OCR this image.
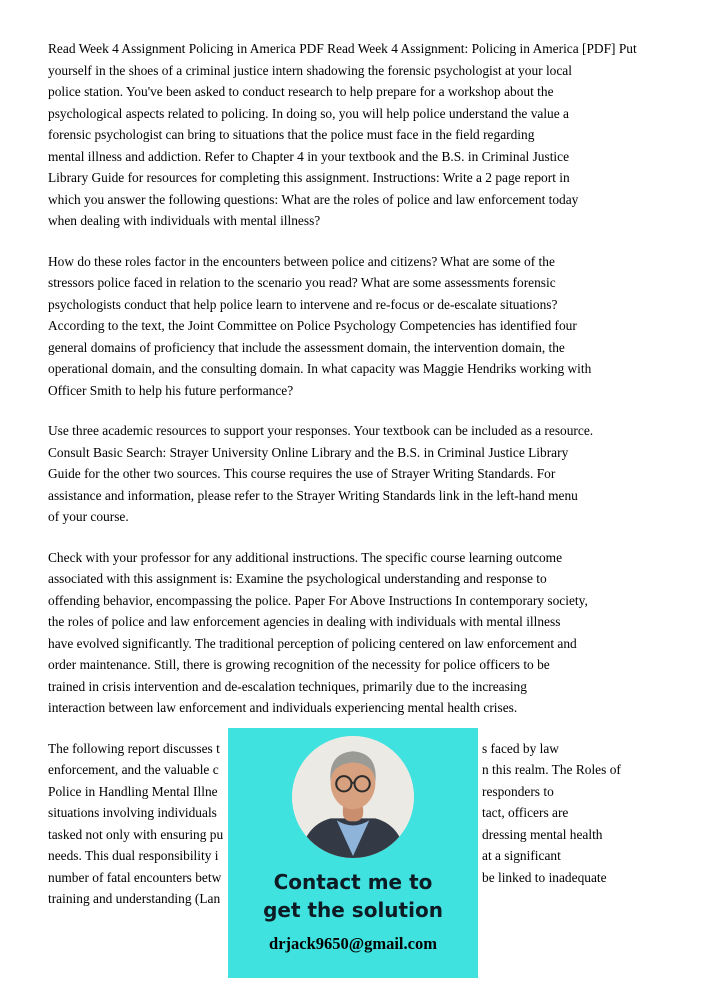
Read Week 4 Assignment Policing in America PDF Read Week 4 Assignment: Policing in America [PDF] Put
yourself in the shoes of a criminal justice intern shadowing the forensic psychologist at your local
police station. You've been asked to conduct research to help prepare for a workshop about the
psychological aspects related to policing. In doing so, you will help police understand the value a
forensic psychologist can bring to situations that the police must face in the field regarding
mental illness and addiction. Refer to Chapter 4 in your textbook and the B.S. in Criminal Justice
Library Guide for resources for completing this assignment. Instructions: Write a 2 page report in
which you answer the following questions: What are the roles of police and law enforcement today
when dealing with individuals with mental illness?
How do these roles factor in the encounters between police and citizens? What are some of the
stressors police faced in relation to the scenario you read? What are some assessments forensic
psychologists conduct that help police learn to intervene and re-focus or de-escalate situations?
According to the text, the Joint Committee on Police Psychology Competencies has identified four
general domains of proficiency that include the assessment domain, the intervention domain, the
operational domain, and the consulting domain. In what capacity was Maggie Hendriks working with
Officer Smith to help his future performance?
Use three academic resources to support your responses. Your textbook can be included as a resource.
Consult Basic Search: Strayer University Online Library and the B.S. in Criminal Justice Library
Guide for the other two sources. This course requires the use of Strayer Writing Standards. For
assistance and information, please refer to the Strayer Writing Standards link in the left-hand menu
of your course.
Check with your professor for any additional instructions. The specific course learning outcome
associated with this assignment is: Examine the psychological understanding and response to
offending behavior, encompassing the police. Paper For Above Instructions In contemporary society,
the roles of police and law enforcement agencies in dealing with individuals with mental illness
have evolved significantly. The traditional perception of policing centered on law enforcement and
order maintenance. Still, there is growing recognition of the necessity for police officers to be
trained in crisis intervention and de-escalation techniques, primarily due to the increasing
interaction between law enforcement and individuals experiencing mental health crises.
The following report discusses t	s faced by law
enforcement, and the valuable c	n this realm. The Roles of
Police in Handling Mental Illne	responders to
situations involving individuals	tact, officers are
tasked not only with ensuring pu	dressing mental health
needs. This dual responsibility i	at a significant
number of fatal encounters betw	be linked to inadequate
training and understanding (Lan
Contact me to
get the solution
drjack9650@gmail.com
